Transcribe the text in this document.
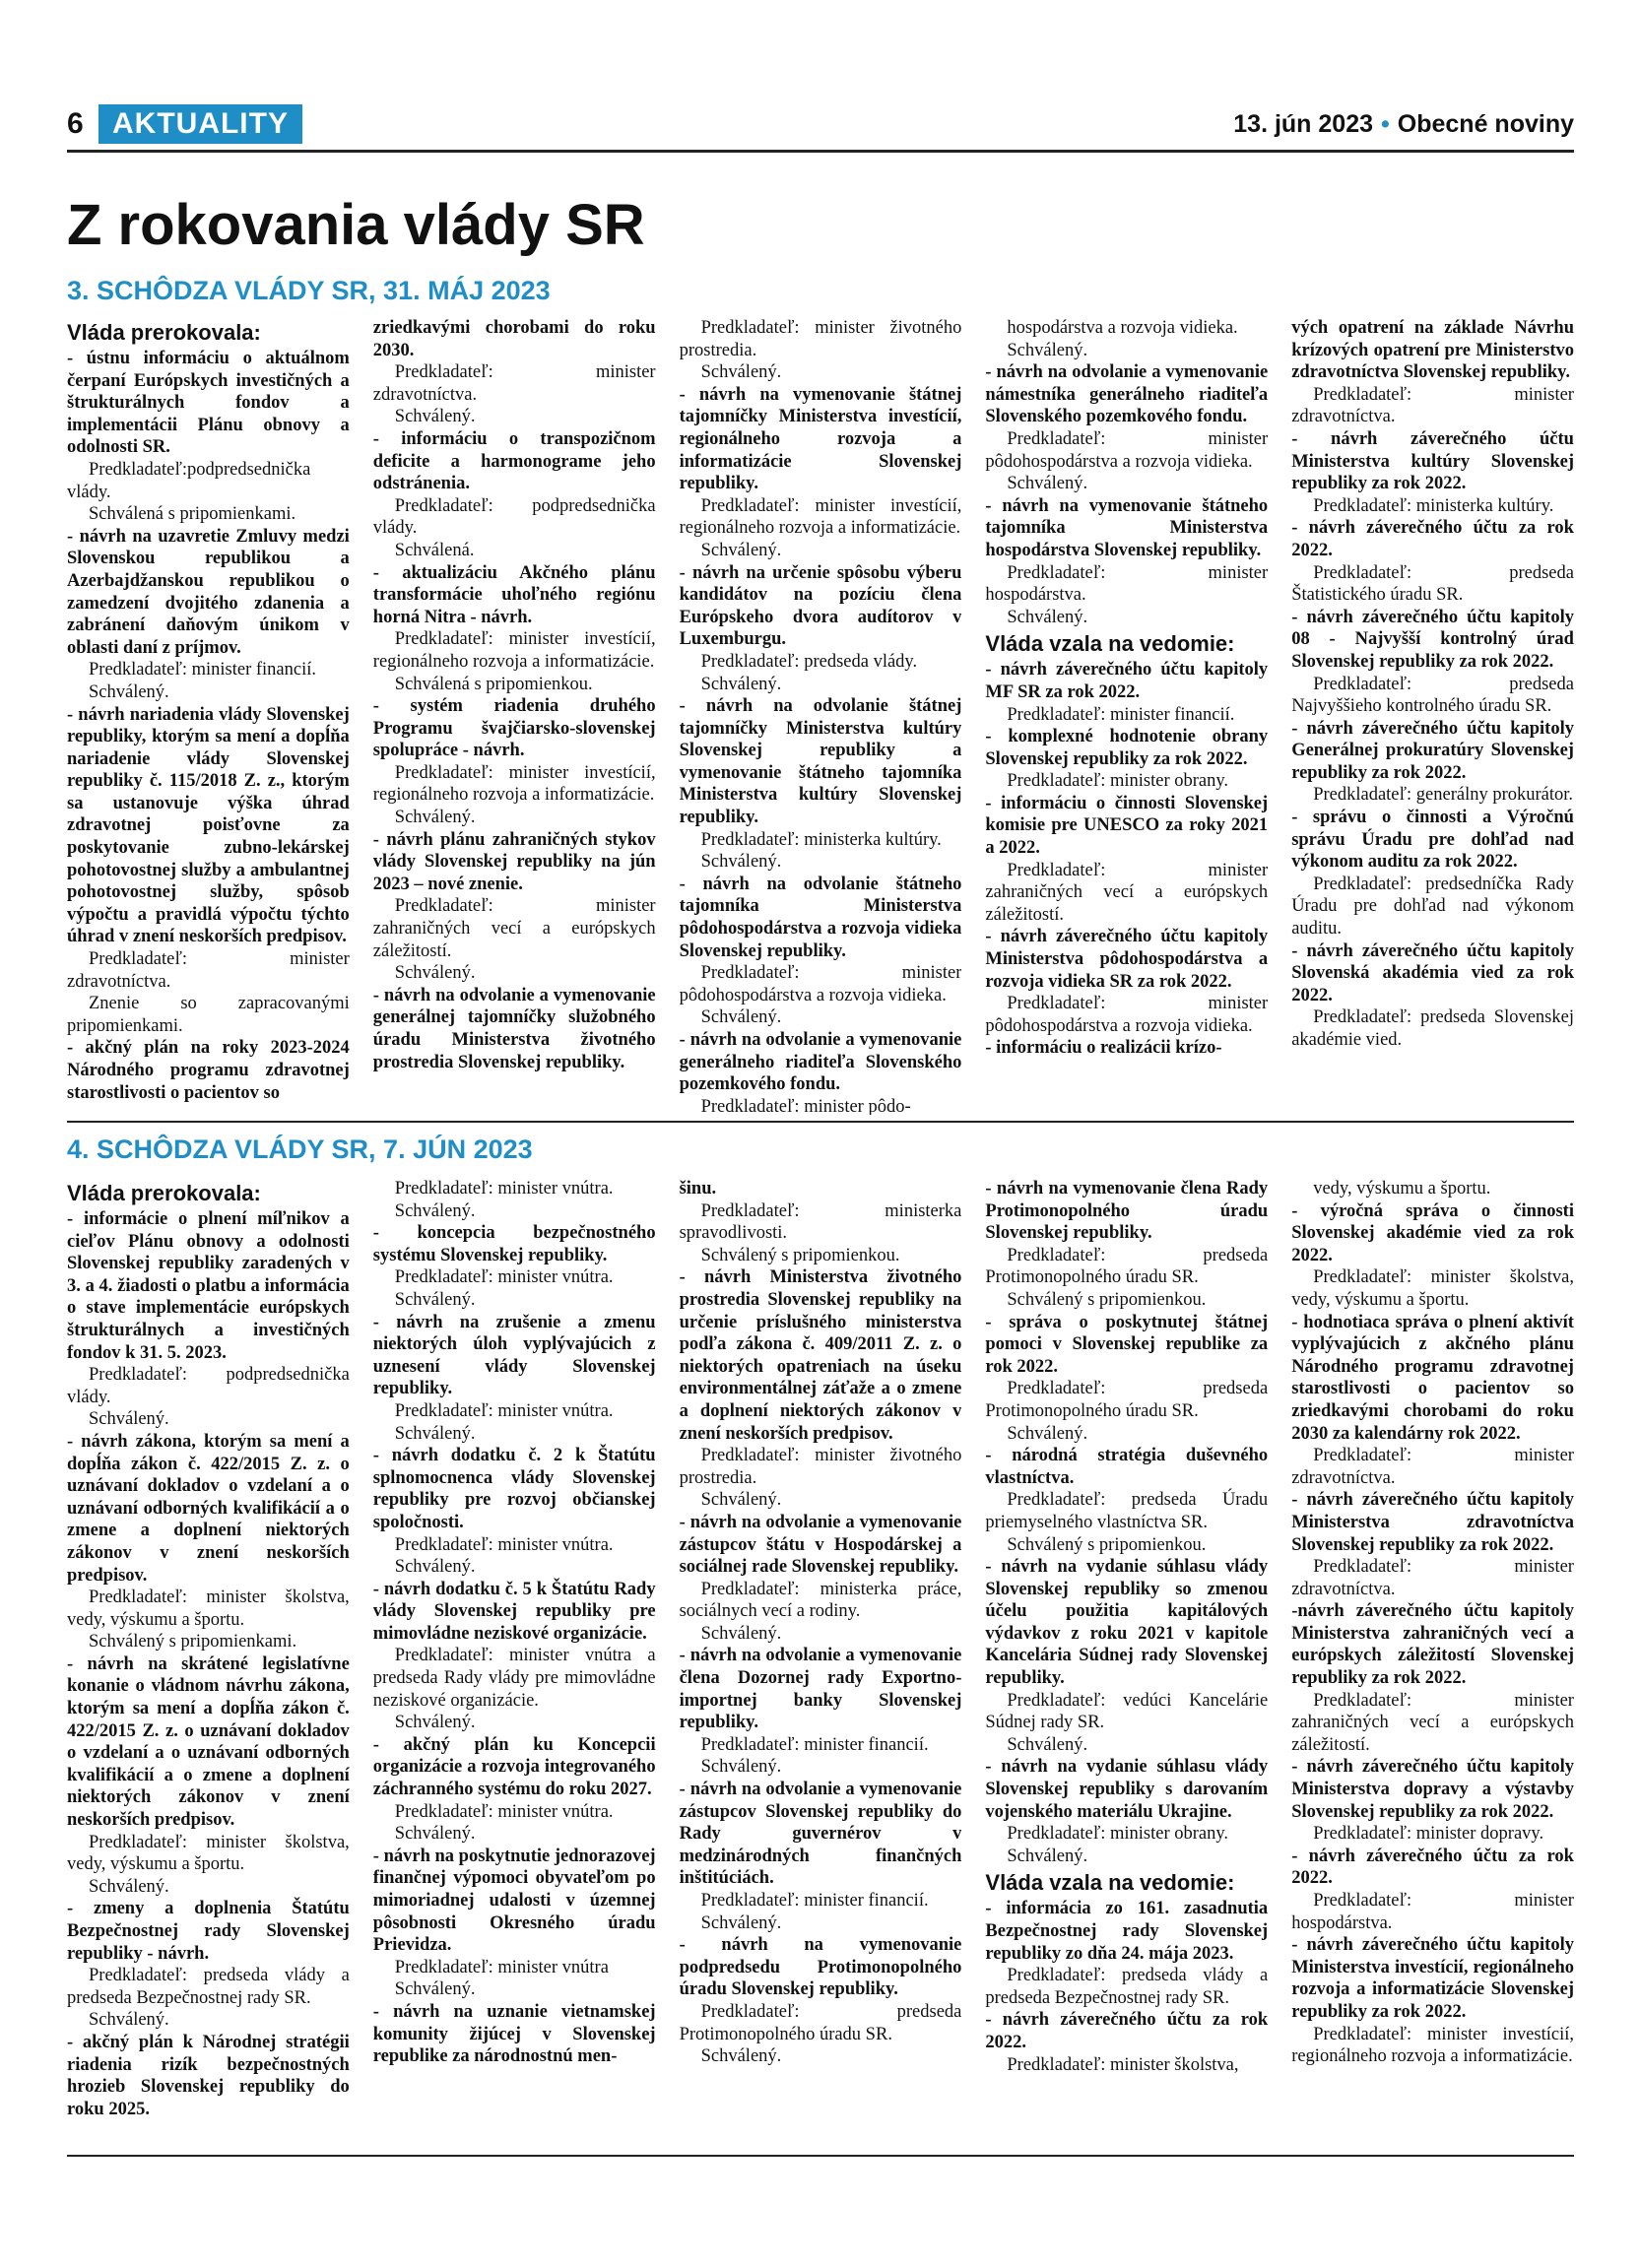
6 AKTUALITY	13. jún 2023 • Obecné noviny
Z rokovania vlády SR
3. SCHÔDZA VLÁDY SR, 31. MÁJ 2023
Vláda prerokovala:

- ústnu informáciu o aktuálnom čerpaní Európskych investičných a štrukturálnych fondov a implementácii Plánu obnovy a odolnosti SR.

Predkladateľ:podpredsednička vlády.

Schválená s pripomienkami.

- návrh na uzavretie Zmluvy medzi Slovenskou republikou a Azerbajdžanskou republikou o zamedzení dvojitého zdanenia a zabránení daňovým únikom v oblasti daní z príjmov.

Predkladateľ: minister financií.

Schválený.

- návrh nariadenia vlády Slovenskej republiky, ktorým sa mení a dopĺňa nariadenie vlády Slovenskej republiky č. 115/2018 Z. z., ktorým sa ustanovuje výška úhrad zdravotnej poisťovne za poskytovanie zubno-lekárskej pohotovostnej služby a ambulantnej pohotovostnej služby, spôsob výpočtu a pravidlá výpočtu týchto úhrad v znení neskorších predpisov.

Predkladateľ: minister zdravotníctva.

Znenie so zapracovanými pripomienkami.

- akčný plán na roky 2023-2024 Národného programu zdravotnej starostlivosti o pacientov so

zriedkavými chorobami do roku 2030.

Predkladateľ: minister zdravotníctva.

Schválený.

- informáciu o transpozičnom deficite a harmonograme jeho odstránenia.

Predkladateľ: podpredsednička vlády.

Schválená.

- aktualizáciu Akčného plánu transformácie uhoľného regiónu horná Nitra - návrh.

Predkladateľ: minister investícií, regionálneho rozvoja a informatizácie.

Schválená s pripomienkou.

- systém riadenia druhého Programu švajčiarsko-slovenskej spolupráce - návrh.

Predkladateľ: minister investícií, regionálneho rozvoja a informatizácie.

Schválený.

- návrh plánu zahraničných stykov vlády Slovenskej republiky na jún 2023 – nové znenie.

Predkladateľ: minister zahraničných vecí a európskych záležitostí.

Schválený.

- návrh na odvolanie a vymenovanie generálnej tajomníčky služobného úradu Ministerstva životného prostredia Slovenskej republiky.

Predkladateľ: minister životného prostredia.

Schválený.

- návrh na vymenovanie štátnej tajomníčky Ministerstva investícií, regionálneho rozvoja a informatizácie Slovenskej republiky.

Predkladateľ: minister investícií, regionálneho rozvoja a informatizácie.

Schválený.

- návrh na určenie spôsobu výberu kandidátov na pozíciu člena Európskeho dvora audítorov v Luxemburgu.

Predkladateľ: predseda vlády.

Schválený.

- návrh na odvolanie štátnej tajomníčky Ministerstva kultúry Slovenskej republiky a vymenovanie štátneho tajomníka Ministerstva kultúry Slovenskej republiky.

Predkladateľ: ministerka kultúry.

Schválený.

- návrh na odvolanie štátneho tajomníka Ministerstva pôdohospodárstva a rozvoja vidieka Slovenskej republiky.

Predkladateľ: minister pôdohospodárstva a rozvoja vidieka.

Schválený.

- návrh na odvolanie a vymenovanie generálneho riaditeľa Slovenského pozemkového fondu.

Predkladateľ: minister pôdo-

hospodárstva a rozvoja vidieka.

Schválený.

- návrh na odvolanie a vymenovanie námestníka generálneho riaditeľa Slovenského pozemkového fondu.

Predkladateľ: minister pôdohospodárstva a rozvoja vidieka.

Schválený.

- návrh na vymenovanie štátneho tajomníka Ministerstva hospodárstva Slovenskej republiky.

Predkladateľ: minister hospodárstva.

Schválený.

Vláda vzala na vedomie:

- návrh záverečného účtu kapitoly MF SR za rok 2022.

Predkladateľ: minister financií.

- komplexné hodnotenie obrany Slovenskej republiky za rok 2022.

Predkladateľ: minister obrany.

- informáciu o činnosti Slovenskej komisie pre UNESCO za roky 2021 a 2022.

Predkladateľ: minister zahraničných vecí a európskych záležitostí.

- návrh záverečného účtu kapitoly Ministerstva pôdohospodárstva a rozvoja vidieka SR za rok 2022.

Predkladateľ: minister pôdohospodárstva a rozvoja vidieka.

- informáciu o realizácii krízo-

vých opatrení na základe Návrhu krízových opatrení pre Ministerstvo zdravotníctva Slovenskej republiky.

Predkladateľ: minister zdravotníctva.

- návrh záverečného účtu Ministerstva kultúry Slovenskej republiky za rok 2022.

Predkladateľ: ministerka kultúry.

- návrh záverečného účtu za rok 2022.

Predkladateľ: predseda Štatistického úradu SR.

- návrh záverečného účtu kapitoly 08 - Najvyšší kontrolný úrad Slovenskej republiky za rok 2022.

Predkladateľ: predseda Najvyššieho kontrolného úradu SR.

- návrh záverečného účtu kapitoly Generálnej prokuratúry Slovenskej republiky za rok 2022.

Predkladateľ: generálny prokurátor.

- správu o činnosti a Výročnú správu Úradu pre dohľad nad výkonom auditu za rok 2022.

Predkladateľ: predsedníčka Rady Úradu pre dohľad nad výkonom auditu.

- návrh záverečného účtu kapitoly Slovenská akadémia vied za rok 2022.

Predkladateľ: predseda Slovenskej akadémie vied.

4. SCHÔDZA VLÁDY SR, 7. JÚN 2023
Vláda prerokovala:

- informácie o plnení míľnikov a cieľov Plánu obnovy a odolnosti Slovenskej republiky zaradených v 3. a 4. žiadosti o platbu a informácia o stave implementácie európskych štrukturálnych a investičných fondov k 31. 5. 2023.

Predkladateľ: podpredsednička vlády.

Schválený.

- návrh zákona, ktorým sa mení a dopĺňa zákon č. 422/2015 Z. z. o uznávaní dokladov o vzdelaní a o uznávaní odborných kvalifikácií a o zmene a doplnení niektorých zákonov v znení neskorších predpisov.

Predkladateľ: minister školstva, vedy, výskumu a športu.

Schválený s pripomienkami.

- návrh na skrátené legislatívne konanie o vládnom návrhu zákona, ktorým sa mení a dopĺňa zákon č. 422/2015 Z. z. o uznávaní dokladov o vzdelaní a o uznávaní odborných kvalifikácií a o zmene a doplnení niektorých zákonov v znení neskorších predpisov.

Predkladateľ: minister školstva, vedy, výskumu a športu.

Schválený.

- zmeny a doplnenia Štatútu Bezpečnostnej rady Slovenskej republiky - návrh.

Predkladateľ: predseda vlády a predseda Bezpečnostnej rady SR.

Schválený.

- akčný plán k Národnej stratégii riadenia rizík bezpečnostných hrozieb Slovenskej republiky do roku 2025.

Predkladateľ: minister vnútra.

Schválený.

- koncepcia bezpečnostného systému Slovenskej republiky.

Predkladateľ: minister vnútra.

Schválený.

- návrh na zrušenie a zmenu niektorých úloh vyplývajúcich z uznesení vlády Slovenskej republiky.

Predkladateľ: minister vnútra.

Schválený.

- návrh dodatku č. 2 k Štatútu splnomocnenca vlády Slovenskej republiky pre rozvoj občianskej spoločnosti.

Predkladateľ: minister vnútra.

Schválený.

- návrh dodatku č. 5 k Štatútu Rady vlády Slovenskej republiky pre mimovládne neziskové organizácie.

Predkladateľ: minister vnútra a predseda Rady vlády pre mimovládne neziskové organizácie.

Schválený.

- akčný plán ku Koncepcii organizácie a rozvoja integrovaného záchranného systému do roku 2027.

Predkladateľ: minister vnútra.

Schválený.

- návrh na poskytnutie jednorazovej finančnej výpomoci obyvateľom po mimoriadnej udalosti v územnej pôsobnosti Okresného úradu Prievidza.

Predkladateľ: minister vnútra

Schválený.

- návrh na uznanie vietnamskej komunity žijúcej v Slovenskej republike za národnostnú men-

šinu.

Predkladateľ: ministerka spravodlivosti.

Schválený s pripomienkou.

- návrh Ministerstva životného prostredia Slovenskej republiky na určenie príslušného ministerstva podľa zákona č. 409/2011 Z. z. o niektorých opatreniach na úseku environmentálnej záťaže a o zmene a doplnení niektorých zákonov v znení neskorších predpisov.

Predkladateľ: minister životného prostredia.

Schválený.

- návrh na odvolanie a vymenovanie zástupcov štátu v Hospodárskej a sociálnej rade Slovenskej republiky.

Predkladateľ: ministerka práce, sociálnych vecí a rodiny.

Schválený.

- návrh na odvolanie a vymenovanie člena Dozornej rady Exportno-importnej banky Slovenskej republiky.

Predkladateľ: minister financií.

Schválený.

- návrh na odvolanie a vymenovanie zástupcov Slovenskej republiky do Rady guvernérov v medzinárodných finančných inštitúciách.

Predkladateľ: minister financií.

Schválený.

- návrh na vymenovanie podpredsedu Protimonopolného úradu Slovenskej republiky.

Predkladateľ: predseda Protimonopolného úradu SR.

Schválený.

- návrh na vymenovanie člena Rady Protimonopolného úradu Slovenskej republiky.

Predkladateľ: predseda Protimonopolného úradu SR.

Schválený s pripomienkou.

- správa o poskytnutej štátnej pomoci v Slovenskej republike za rok 2022.

Predkladateľ: predseda Protimonopolného úradu SR.

Schválený.

- národná stratégia duševného vlastníctva.

Predkladateľ: predseda Úradu priemyselného vlastníctva SR.

Schválený s pripomienkou.

- návrh na vydanie súhlasu vlády Slovenskej republiky so zmenou účelu použitia kapitálových výdavkov z roku 2021 v kapitole Kancelária Súdnej rady Slovenskej republiky.

Predkladateľ: vedúci Kancelárie Súdnej rady SR.

Schválený.

- návrh na vydanie súhlasu vlády Slovenskej republiky s darovaním vojenského materiálu Ukrajine.

Predkladateľ: minister obrany.

Schválený.

Vláda vzala na vedomie:

- informácia zo 161. zasadnutia Bezpečnostnej rady Slovenskej republiky zo dňa 24. mája 2023.

Predkladateľ: predseda vlády a predseda Bezpečnostnej rady SR.

- návrh záverečného účtu za rok 2022.

Predkladateľ: minister školstva,

vedy, výskumu a športu.

- výročná správa o činnosti Slovenskej akadémie vied za rok 2022.

Predkladateľ: minister školstva, vedy, výskumu a športu.

- hodnotiaca správa o plnení aktivít vyplývajúcich z akčného plánu Národného programu zdravotnej starostlivosti o pacientov so zriedkavými chorobami do roku 2030 za kalendárny rok 2022.

Predkladateľ: minister zdravotníctva.

- návrh záverečného účtu kapitoly Ministerstva zdravotníctva Slovenskej republiky za rok 2022.

Predkladateľ: minister zdravotníctva.

-návrh záverečného účtu kapitoly Ministerstva zahraničných vecí a európskych záležitostí Slovenskej republiky za rok 2022.

Predkladateľ: minister zahraničných vecí a európskych záležitostí.

- návrh záverečného účtu kapitoly Ministerstva dopravy a výstavby Slovenskej republiky za rok 2022.

Predkladateľ: minister dopravy.

- návrh záverečného účtu za rok 2022.

Predkladateľ: minister hospodárstva.

- návrh záverečného účtu kapitoly Ministerstva investícií, regionálneho rozvoja a informatizácie Slovenskej republiky za rok 2022.

Predkladateľ: minister investícií, regionálneho rozvoja a informatizácie.
